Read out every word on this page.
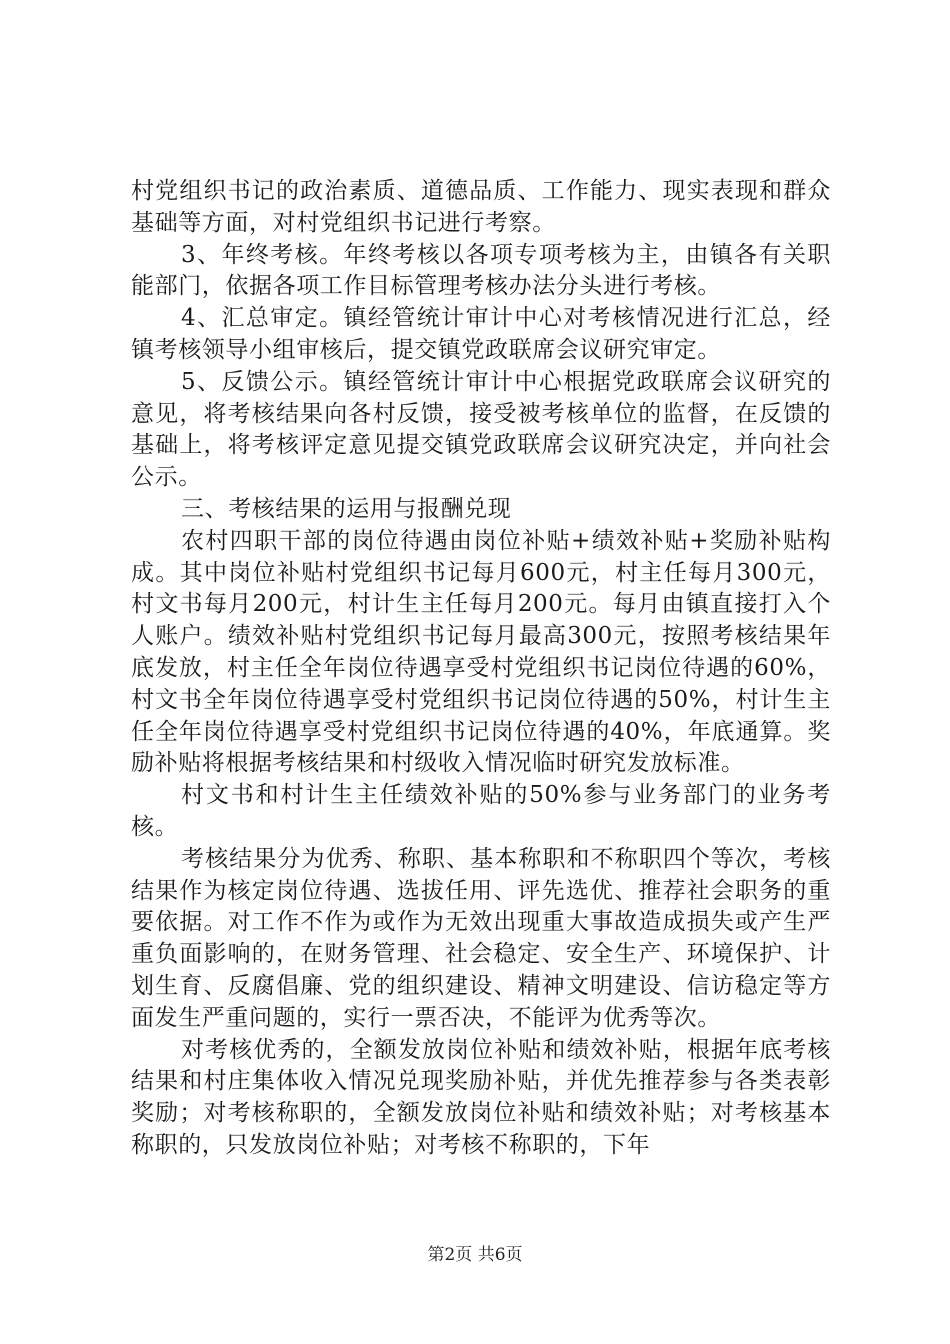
村党组织书记的政治素质、道德品质、工作能力、现实表现和群众基础等方面，对村党组织书记进行考察。

3、年终考核。年终考核以各项专项考核为主，由镇各有关职能部门，依据各项工作目标管理考核办法分头进行考核。

4、汇总审定。镇经管统计审计中心对考核情况进行汇总，经镇考核领导小组审核后，提交镇党政联席会议研究审定。

5、反馈公示。镇经管统计审计中心根据党政联席会议研究的意见，将考核结果向各村反馈，接受被考核单位的监督，在反馈的基础上，将考核评定意见提交镇党政联席会议研究决定，并向社会公示。

三、考核结果的运用与报酬兑现

农村四职干部的岗位待遇由岗位补贴+绩效补贴+奖励补贴构成。其中岗位补贴村党组织书记每月600元，村主任每月300元，村文书每月200元，村计生主任每月200元。每月由镇直接打入个人账户。绩效补贴村党组织书记每月最高300元，按照考核结果年底发放，村主任全年岗位待遇享受村党组织书记岗位待遇的60%，村文书全年岗位待遇享受村党组织书记岗位待遇的50%，村计生主任全年岗位待遇享受村党组织书记岗位待遇的40%，年底通算。奖励补贴将根据考核结果和村级收入情况临时研究发放标准。

村文书和村计生主任绩效补贴的50%参与业务部门的业务考核。

考核结果分为优秀、称职、基本称职和不称职四个等次，考核结果作为核定岗位待遇、选拔任用、评先选优、推荐社会职务的重要依据。对工作不作为或作为无效出现重大事故造成损失或产生严重负面影响的，在财务管理、社会稳定、安全生产、环境保护、计划生育、反腐倡廉、党的组织建设、精神文明建设、信访稳定等方面发生严重问题的，实行一票否决，不能评为优秀等次。

对考核优秀的，全额发放岗位补贴和绩效补贴，根据年底考核结果和村庄集体收入情况兑现奖励补贴，并优先推荐参与各类表彰奖励；对考核称职的，全额发放岗位补贴和绩效补贴；对考核基本称职的，只发放岗位补贴；对考核不称职的，下年

第2页 共6页
